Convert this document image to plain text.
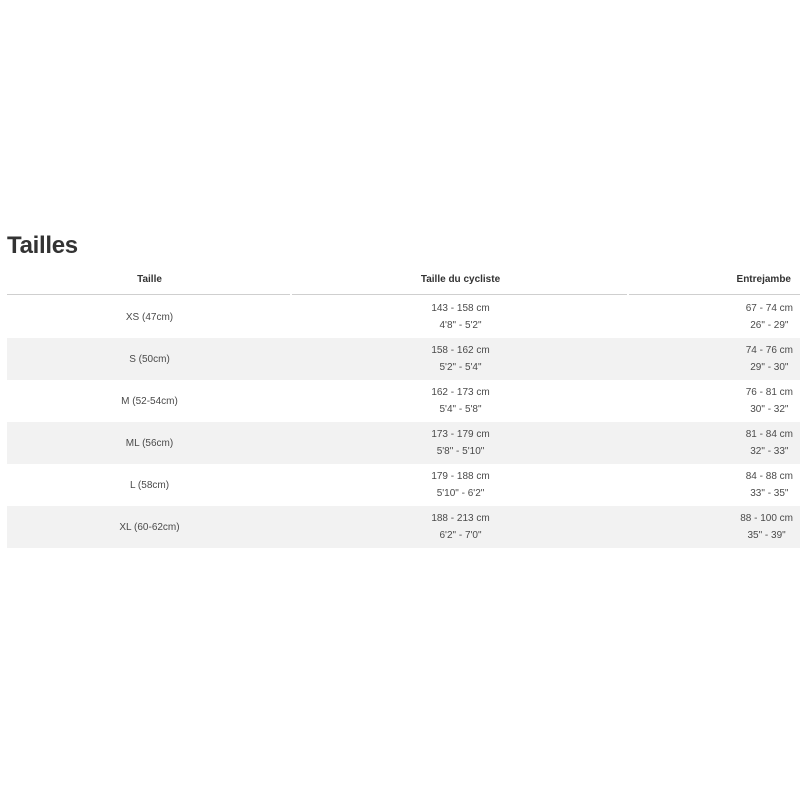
Tailles
Taille	Taille du cycliste	Entrejambe
XS (47cm)
143 - 158 cm
4'8" - 5'2"
67 - 74 cm
26" - 29"
S (50cm)
158 - 162 cm
5'2" - 5'4"
74 - 76 cm
29" - 30"
M (52-54cm)
162 - 173 cm
5'4" - 5'8"
76 - 81 cm
30" - 32"
ML (56cm)
173 - 179 cm
5'8" - 5'10"
81 - 84 cm
32" - 33"
L (58cm)
179 - 188 cm
5'10" - 6'2"
84 - 88 cm
33" - 35"
XL (60-62cm)
188 - 213 cm
6'2" - 7'0"
88 - 100 cm
35" - 39"
